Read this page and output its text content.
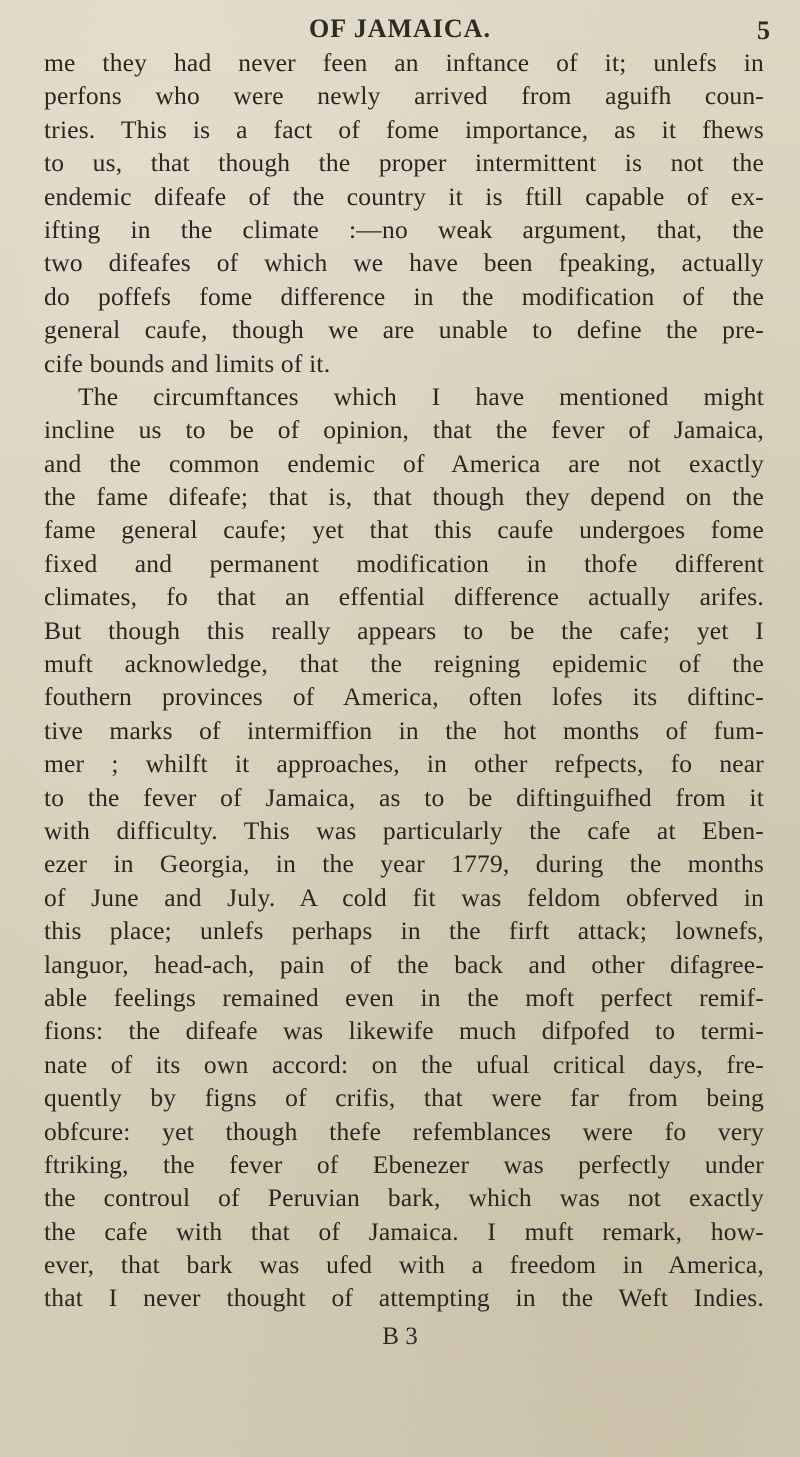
OF JAMAICA.	5
me they had never feen an inftance of it; unlefs in
perfons who were newly arrived from aguifh coun-
tries. This is a fact of fome importance, as it fhews
to us, that though the proper intermittent is not the
endemic difeafe of the country it is ftill capable of ex-
ifting in the climate :—no weak argument, that, the
two difeafes of which we have been fpeaking, actually
do poffefs fome difference in the modification of the
general caufe, though we are unable to define the pre-
cife bounds and limits of it.
The circumftances which I have mentioned might
incline us to be of opinion, that the fever of Jamaica,
and the common endemic of America are not exactly
the fame difeafe; that is, that though they depend on the
fame general caufe; yet that this caufe undergoes fome
fixed and permanent modification in thofe different
climates, fo that an effential difference actually arifes.
But though this really appears to be the cafe; yet I
muft acknowledge, that the reigning epidemic of the
fouthern provinces of America, often lofes its diftinc-
tive marks of intermiffion in the hot months of fum-
mer ; whilft it approaches, in other refpects, fo near
to the fever of Jamaica, as to be diftinguifhed from it
with difficulty. This was particularly the cafe at Eben-
ezer in Georgia, in the year 1779, during the months
of June and July. A cold fit was feldom obferved in
this place; unlefs perhaps in the firft attack; lownefs,
languor, head-ach, pain of the back and other difagree-
able feelings remained even in the moft perfect remif-
fions: the difeafe was likewife much difpofed to termi-
nate of its own accord: on the ufual critical days, fre-
quently by figns of crifis, that were far from being
obfcure: yet though thefe refemblances were fo very
ftriking, the fever of Ebenezer was perfectly under
the controul of Peruvian bark, which was not exactly
the cafe with that of Jamaica. I muft remark, how-
ever, that bark was ufed with a freedom in America,
that I never thought of attempting in the Weft Indies.
B 3
